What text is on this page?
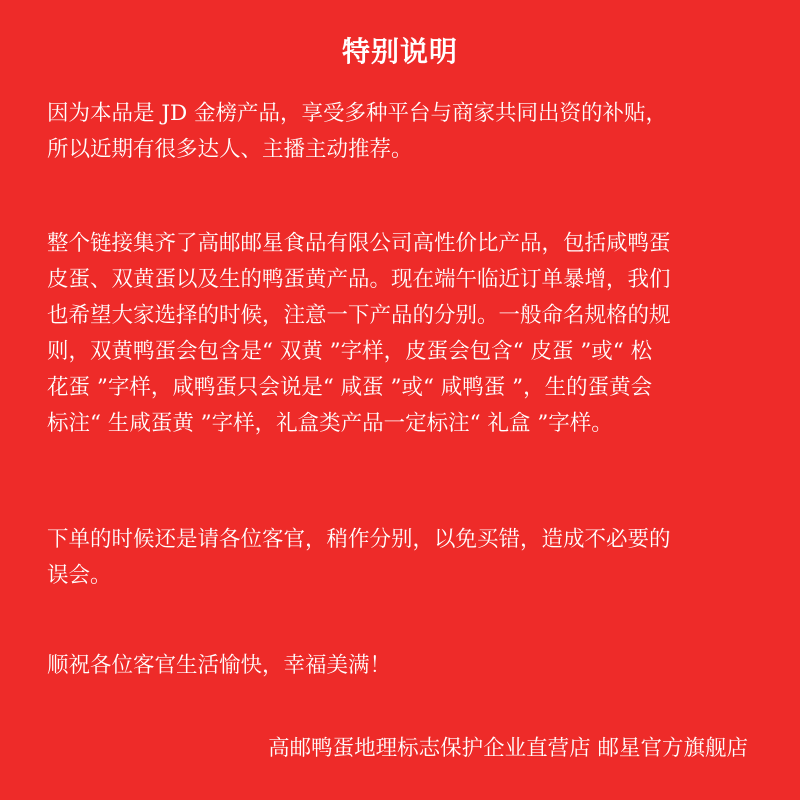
特别说明

因为本品是 JD 金榜产品，享受多种平台与商家共同出资的补贴，
所以近期有很多达人、主播主动推荐。

整个链接集齐了高邮邮星食品有限公司高性价比产品，包括咸鸭蛋
皮蛋、双黄蛋以及生的鸭蛋黄产品。现在端午临近订单暴增，我们
也希望大家选择的时候，注意一下产品的分别。一般命名规格的规
则，双黄鸭蛋会包含是“ 双黄 ”字样，皮蛋会包含“ 皮蛋 ”或“ 松
花蛋 ”字样，咸鸭蛋只会说是“ 咸蛋 ”或“ 咸鸭蛋 ”，生的蛋黄会
标注“ 生咸蛋黄 ”字样，礼盒类产品一定标注“ 礼盒 ”字样。

下单的时候还是请各位客官，稍作分别，以免买错，造成不必要的
误会。

顺祝各位客官生活愉快，幸福美满！

高邮鸭蛋地理标志保护企业直营店 邮星官方旗舰店
